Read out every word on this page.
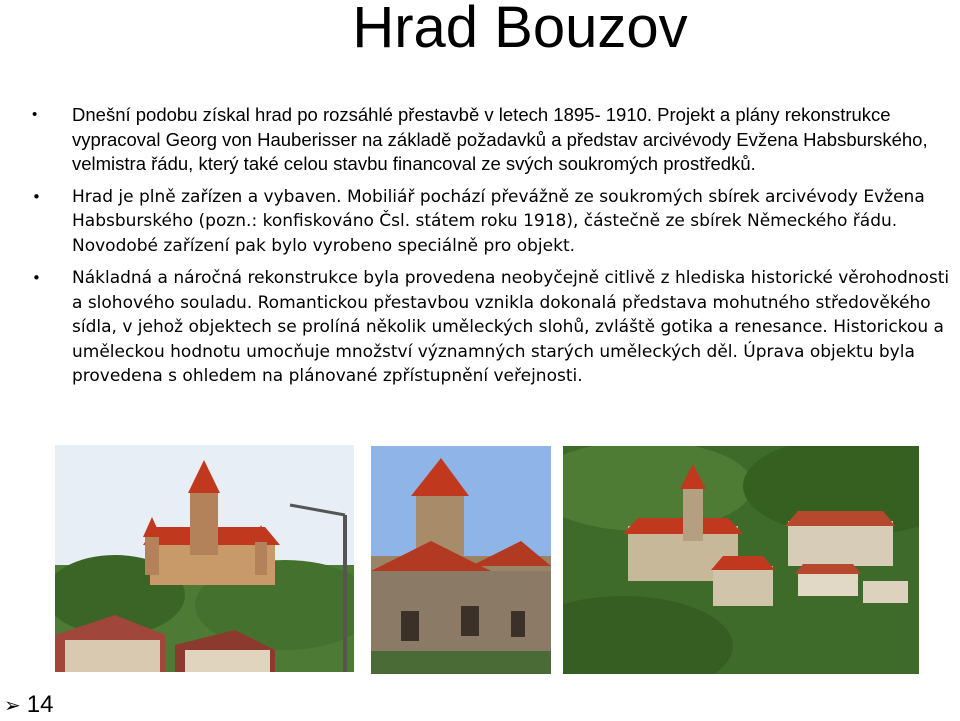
Hrad Bouzov
• Dnešní podobu získal hrad po rozsáhlé přestavbě v letech 1895- 1910. Projekt a plány rekonstrukce vypracoval Georg von Hauberisser na základě požadavků a představ arcivévody Evžena Habsburského, velmistra řádu, který také celou stavbu financoval ze svých soukromých prostředků.
• Hrad je plně zařízen a vybaven. Mobiliář pochází převážně ze soukromých sbírek arcivévody Evžena Habsburského (pozn.: konfiskováno Čsl. státem roku 1918), částečně ze sbírek Německého řádu. Novodobé zařízení pak bylo vyrobeno speciálně pro objekt.
• Nákladná a náročná rekonstrukce byla provedena neobyčejně citlivě z hlediska historické věrohodnosti a slohového souladu. Romantickou přestavbou vznikla dokonalá představa mohutného středověkého sídla, v jehož objektech se prolíná několik uměleckých slohů, zvláště gotika a renesance. Historickou a uměleckou hodnotu umocňuje množství významných starých uměleckých děl. Úprava objektu byla provedena s ohledem na plánované zpřístupnění veřejnosti.
➢ 14
